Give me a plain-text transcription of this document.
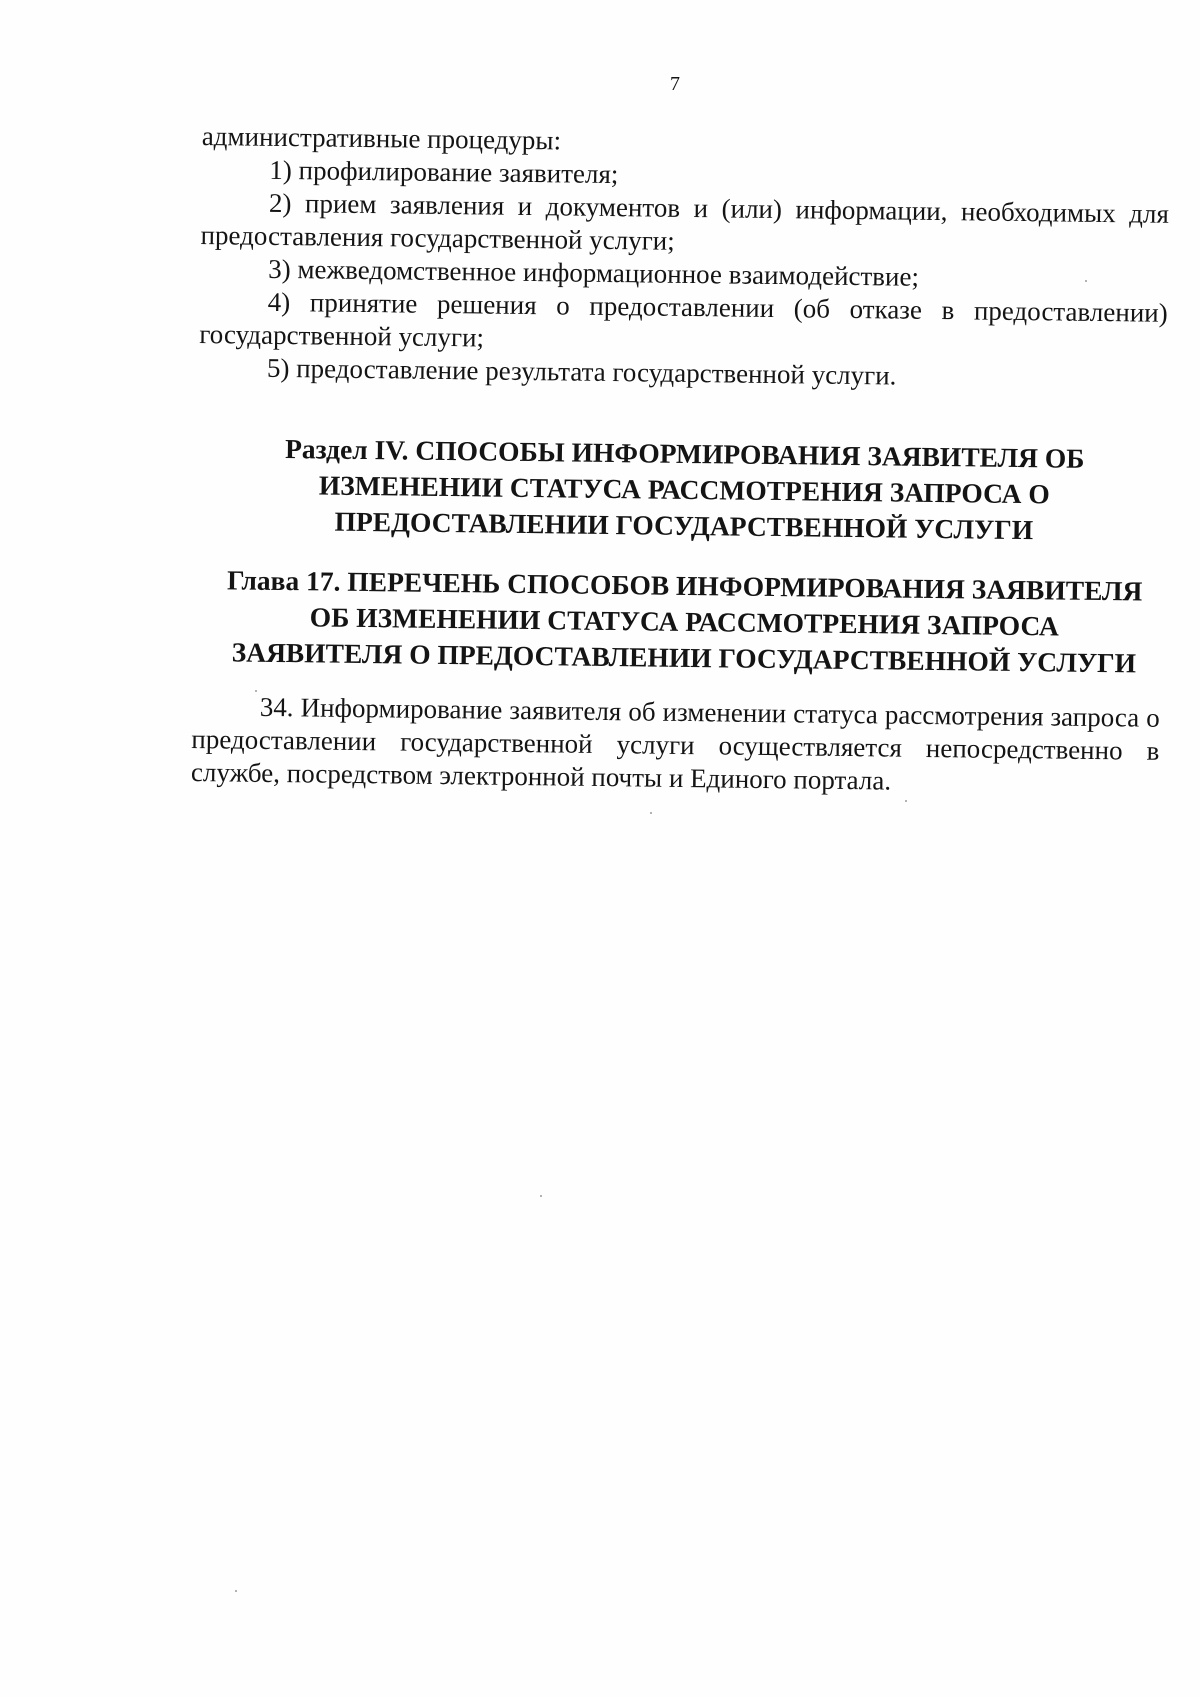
7

административные процедуры:

1) профилирование заявителя;

2) прием заявления и документов и (или) информации, необходимых для предоставления государственной услуги;

3) межведомственное информационное взаимодействие;

4) принятие решения о предоставлении (об отказе в предоставлении) государственной услуги;

5) предоставление результата государственной услуги.

Раздел IV. СПОСОБЫ ИНФОРМИРОВАНИЯ ЗАЯВИТЕЛЯ ОБ
ИЗМЕНЕНИИ СТАТУСА РАССМОТРЕНИЯ ЗАПРОСА О
ПРЕДОСТАВЛЕНИИ ГОСУДАРСТВЕННОЙ УСЛУГИ
Глава 17. ПЕРЕЧЕНЬ СПОСОБОВ ИНФОРМИРОВАНИЯ ЗАЯВИТЕЛЯ
ОБ ИЗМЕНЕНИИ СТАТУСА РАССМОТРЕНИЯ ЗАПРОСА
ЗАЯВИТЕЛЯ О ПРЕДОСТАВЛЕНИИ ГОСУДАРСТВЕННОЙ УСЛУГИ

34. Информирование заявителя об изменении статуса рассмотрения запроса о предоставлении государственной услуги осуществляется непосредственно в службе, посредством электронной почты и Единого портала.
